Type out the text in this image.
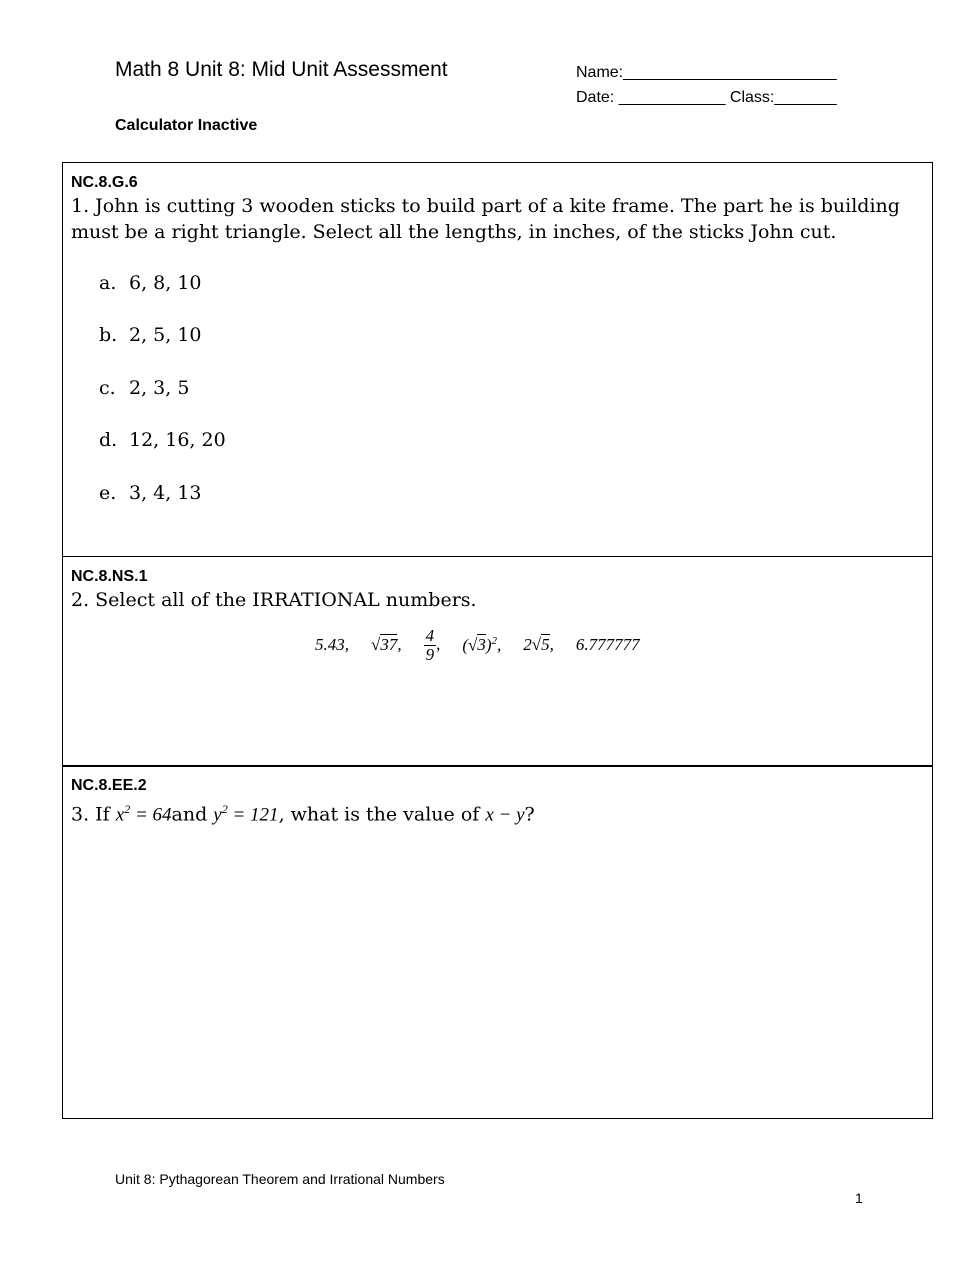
Math 8 Unit 8: Mid Unit Assessment	Name:________________________
Date: ____________ Class:_______
Calculator Inactive
NC.8.G.6
1. John is cutting 3 wooden sticks to build part of a kite frame. The part he is building must be a right triangle. Select all the lengths, in inches, of the sticks John cut.
a. 6, 8, 10
b. 2, 5, 10
c. 2, 3, 5
d. 12, 16, 20
e. 3, 4, 13
NC.8.NS.1
2. Select all of the IRRATIONAL numbers.
5.43, √37, $\frac{4}{9}$ , $(√3)^2$, 2√5, 6.777777
NC.8.EE.2
3. If $x^2 = 64and$ $y^2 = 121$, what is the value of x − y?
Unit 8: Pythagorean Theorem and Irrational Numbers
1
